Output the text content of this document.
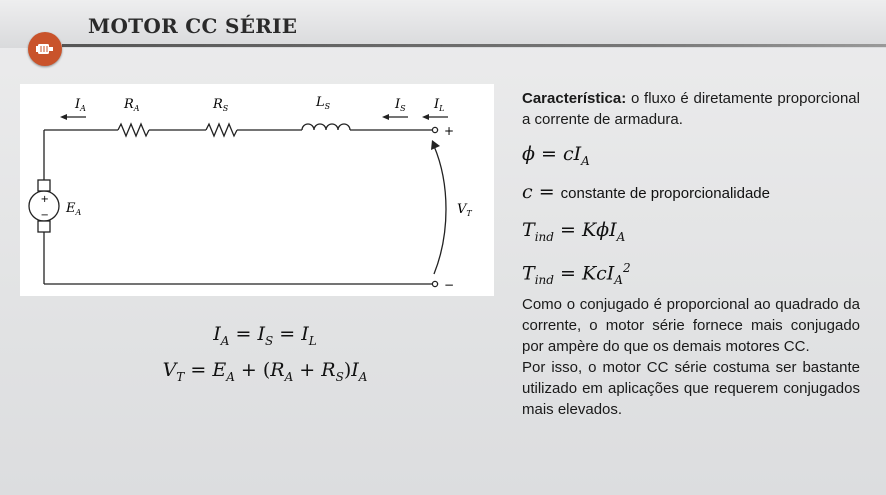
MOTOR CC SÉRIE
$I_A$	$R_A$	$R_S$	$L_S$	$I_S$ $I_L$
$E_A$	$V_T$
+
−
+
−
$I_A = I_S = I_L$
$V_T = E_A + (R_A + R_S)I_A$
Característica: o fluxo é diretamente proporcional a corrente de armadura.
$\phi = cI_A$
c = constante de proporcionalidade
$T_{ind} = K\phi I_A$
$T_{ind} = KcI_A^2$
Como o conjugado é proporcional ao quadrado da corrente, o motor série fornece mais conjugado por ampère do que os demais motores CC.
Por isso, o motor CC série costuma ser bastante utilizado em aplicações que requerem conjugados mais elevados.
